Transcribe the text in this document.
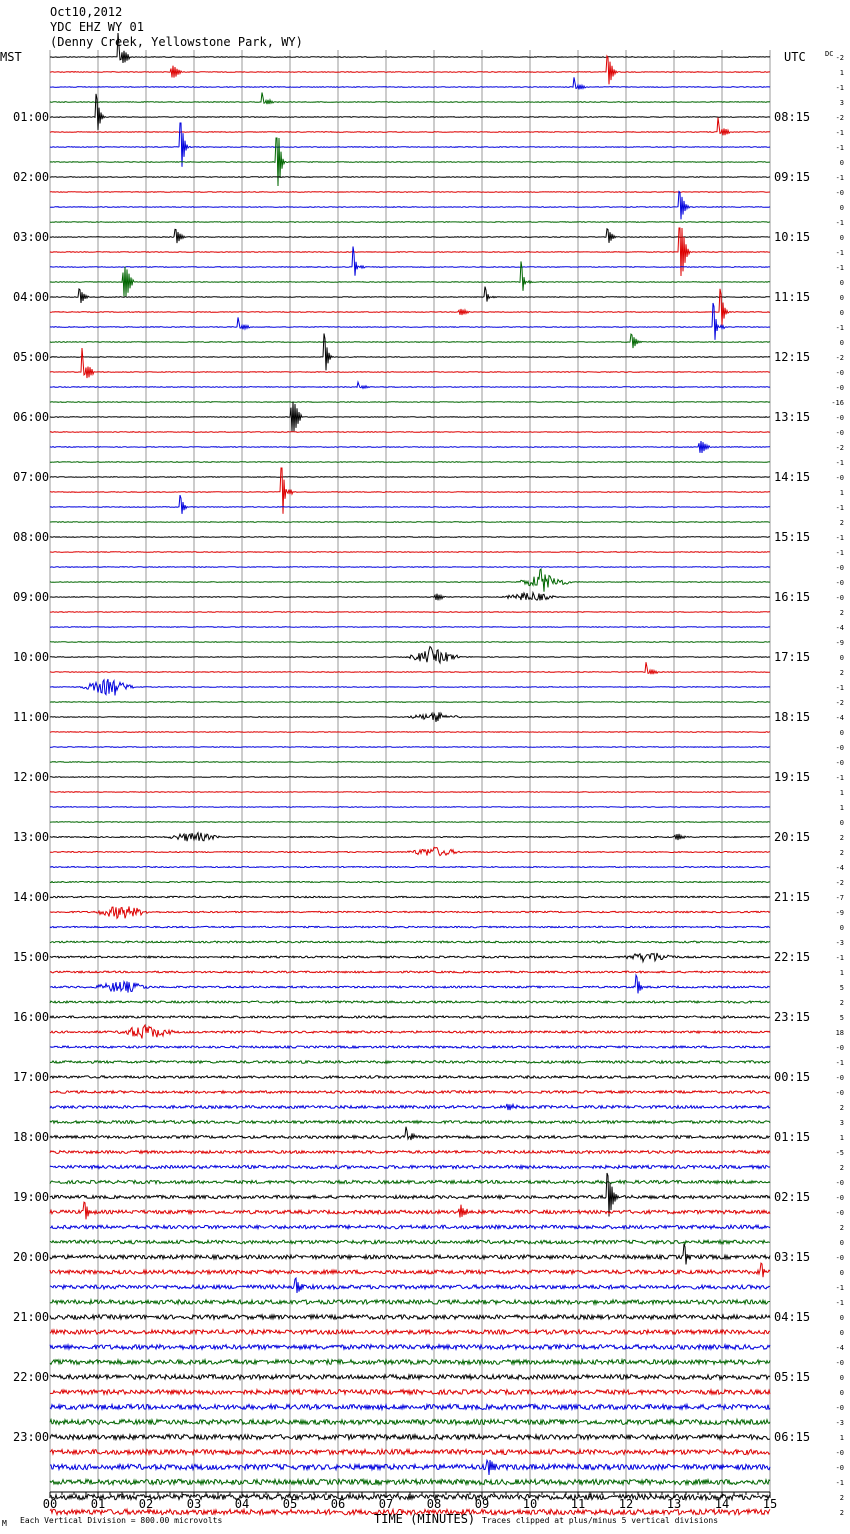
Oct10,2012
YDC EHZ WY 01
(Denny Creek, Yellowstone Park, WY)
MST	UTC	DC
01:00
02:00
03:00
04:00
05:00
06:00
07:00
08:00
09:00
10:00
11:00
12:00
13:00
14:00
15:00
16:00
17:00
18:00
19:00
20:00
21:00
22:00
23:00
08:15
09:15
10:15
11:15
12:15
13:15
14:15
15:15
16:15
17:15
18:15
19:15
20:15
21:15
22:15
23:15
00:15
01:15
02:15
03:15
04:15
05:15
06:15
-2
1
-1
3
-2
-1
-1
0
-1
-0
0
-1
0
-1
-1
0
0
0
-1
0
-2
-0
-0
-16
-0
-0
-2
-1
-0
1
-1
2
-1
-1
-0
-0
-0
2
-4
-9
0
2
-1
-2
-4
0
-0
-0
-1
1
1
0
2
2
-4
-2
-7
-9
0
-3
-1
1
5
2
5
18
-0
-1
-0
-0
2
3
1
-5
2
-0
-0
-0
2
0
-0
0
-1
-1
0
0
-4
-0
0
0
-0
-3
1
-0
-0
-1
2
2
00	01	02	03	04	05	06	07	08	09	10	11	12	13	14	15
M Each Vertical Division = 800.00 microvolts	TIME (MINUTES) Traces clipped at plus/minus 5 vertical divisions
